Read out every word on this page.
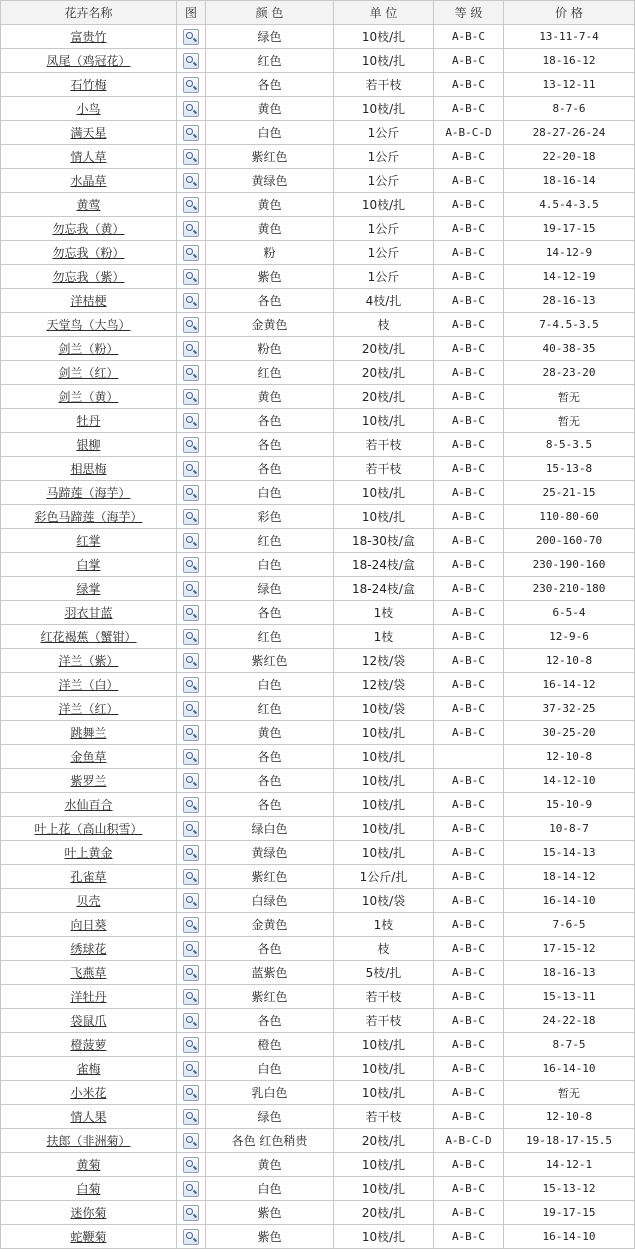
花卉名称	图	颜 色	单 位	等 级	价 格
富贵竹		绿色	10枝/扎	A-B-C	13-11-7-4
凤尾（鸡冠花）		红色	10枝/扎	A-B-C	18-16-12
石竹梅		各色	若干枝	A-B-C	13-12-11
小鸟		黄色	10枝/扎	A-B-C	8-7-6
满天星		白色	1公斤	A-B-C-D	28-27-26-24
情人草		紫红色	1公斤	A-B-C	22-20-18
水晶草		黄绿色	1公斤	A-B-C	18-16-14
黄莺		黄色	10枝/扎	A-B-C	4.5-4-3.5
勿忘我（黄）		黄色	1公斤	A-B-C	19-17-15
勿忘我（粉）		粉	1公斤	A-B-C	14-12-9
勿忘我（紫）		紫色	1公斤	A-B-C	14-12-19
洋桔梗		各色	4枝/扎	A-B-C	28-16-13
天堂鸟（大鸟）		金黄色	枝	A-B-C	7-4.5-3.5
剑兰（粉）		粉色	20枝/扎	A-B-C	40-38-35
剑兰（红）		红色	20枝/扎	A-B-C	28-23-20
剑兰（黄）		黄色	20枝/扎	A-B-C	暂无
牡丹		各色	10枝/扎	A-B-C	暂无
银柳		各色	若干枝	A-B-C	8-5-3.5
相思梅		各色	若干枝	A-B-C	15-13-8
马蹄莲（海芋）		白色	10枝/扎	A-B-C	25-21-15
彩色马蹄莲（海芋）		彩色	10枝/扎	A-B-C	110-80-60
红掌		红色	18-30枝/盒	A-B-C	200-160-70
白掌		白色	18-24枝/盒	A-B-C	230-190-160
绿掌		绿色	18-24枝/盒	A-B-C	230-210-180
羽衣甘蓝		各色	1枝	A-B-C	6-5-4
红花褐蕉（蟹钳）		红色	1枝	A-B-C	12-9-6
洋兰（紫）		紫红色	12枝/袋	A-B-C	12-10-8
洋兰（白）		白色	12枝/袋	A-B-C	16-14-12
洋兰（红）		红色	10枝/袋	A-B-C	37-32-25
跳舞兰		黄色	10枝/扎	A-B-C	30-25-20
金鱼草		各色	10枝/扎		12-10-8
紫罗兰		各色	10枝/扎	A-B-C	14-12-10
水仙百合		各色	10枝/扎	A-B-C	15-10-9
叶上花（高山积雪）		绿白色	10枝/扎	A-B-C	10-8-7
叶上黄金		黄绿色	10枝/扎	A-B-C	15-14-13
孔雀草		紫红色	1公斤/扎	A-B-C	18-14-12
贝壳		白绿色	10枝/袋	A-B-C	16-14-10
向日葵		金黄色	1枝	A-B-C	7-6-5
绣球花		各色	枝	A-B-C	17-15-12
飞燕草		蓝紫色	5枝/扎	A-B-C	18-16-13
洋牡丹		紫红色	若干枝	A-B-C	15-13-11
袋鼠爪		各色	若干枝	A-B-C	24-22-18
橙菠萝		橙色	10枝/扎	A-B-C	8-7-5
雀梅		白色	10枝/扎	A-B-C	16-14-10
小米花		乳白色	10枝/扎	A-B-C	暂无
情人果		绿色	若干枝	A-B-C	12-10-8
扶郎（非洲菊）		各色 红色稍贵	20枝/扎	A-B-C-D	19-18-17-15.5
黄菊		黄色	10枝/扎	A-B-C	14-12-1
白菊		白色	10枝/扎	A-B-C	15-13-12
迷你菊		紫色	20枝/扎	A-B-C	19-17-15
蛇鞭菊		紫色	10枝/扎	A-B-C	16-14-10
